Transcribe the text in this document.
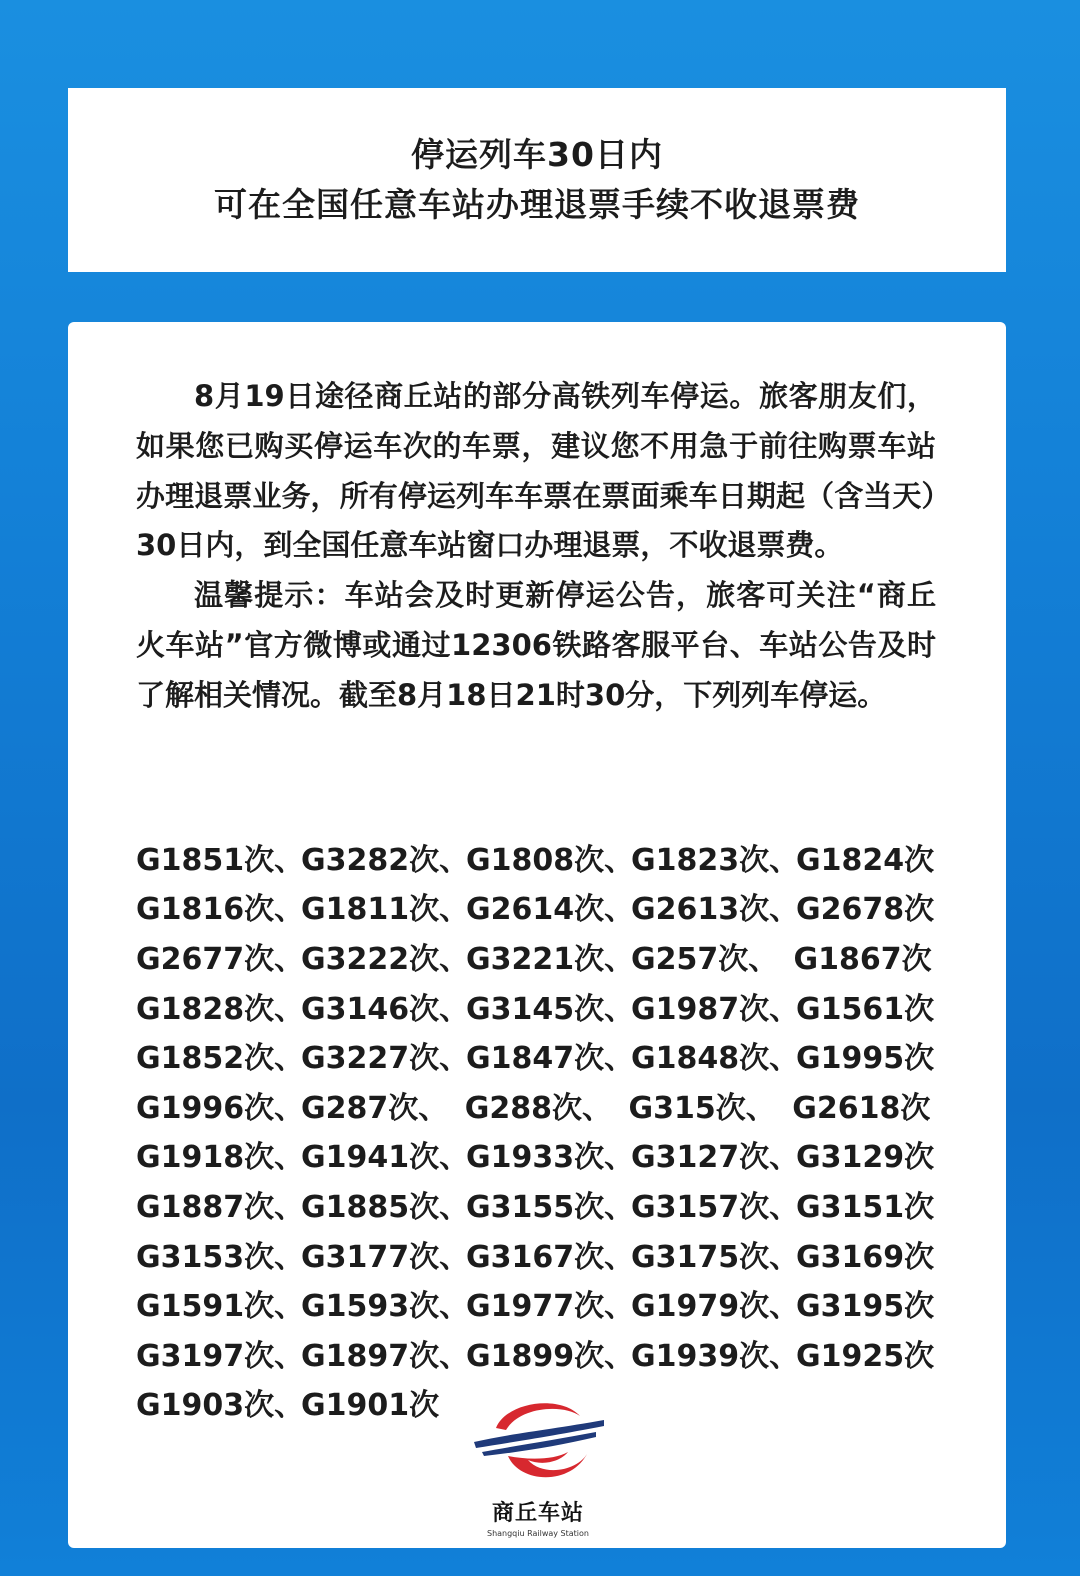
停运列车30日内
可在全国任意车站办理退票手续不收退票费

8月19日途径商丘站的部分高铁列车停运。旅客朋友们，如果您已购买停运车次的车票，建议您不用急于前往购票车站办理退票业务，所有停运列车车票在票面乘车日期起（含当天）30日内，到全国任意车站窗口办理退票，不收退票费。

温馨提示：车站会及时更新停运公告，旅客可关注“商丘火车站”官方微博或通过12306铁路客服平台、车站公告及时了解相关情况。截至8月18日21时30分，下列列车停运。

G1851次、
G3282次、
G1808次、
G1823次、
G1824次
G1816次、
G1811次、
G2614次、
G2613次、
G2678次
G2677次、
G3222次、
G3221次、
G257次、 G1867次
G1828次、
G3146次、
G3145次、
G1987次、
G1561次
G1852次、
G3227次、
G1847次、
G1848次、
G1995次
G1996次、
G287次、 G288次、 G315次、 G2618次
G1918次、
G1941次、
G1933次、
G3127次、
G3129次
G1887次、
G1885次、
G3155次、
G3157次、
G3151次
G3153次、
G3177次、
G3167次、
G3175次、
G3169次
G1591次、
G1593次、
G1977次、
G1979次、
G3195次
G3197次、
G1897次、
G1899次、
G1939次、
G1925次
G1903次、
G1901次
商丘车站
Shangqiu Railway Station
